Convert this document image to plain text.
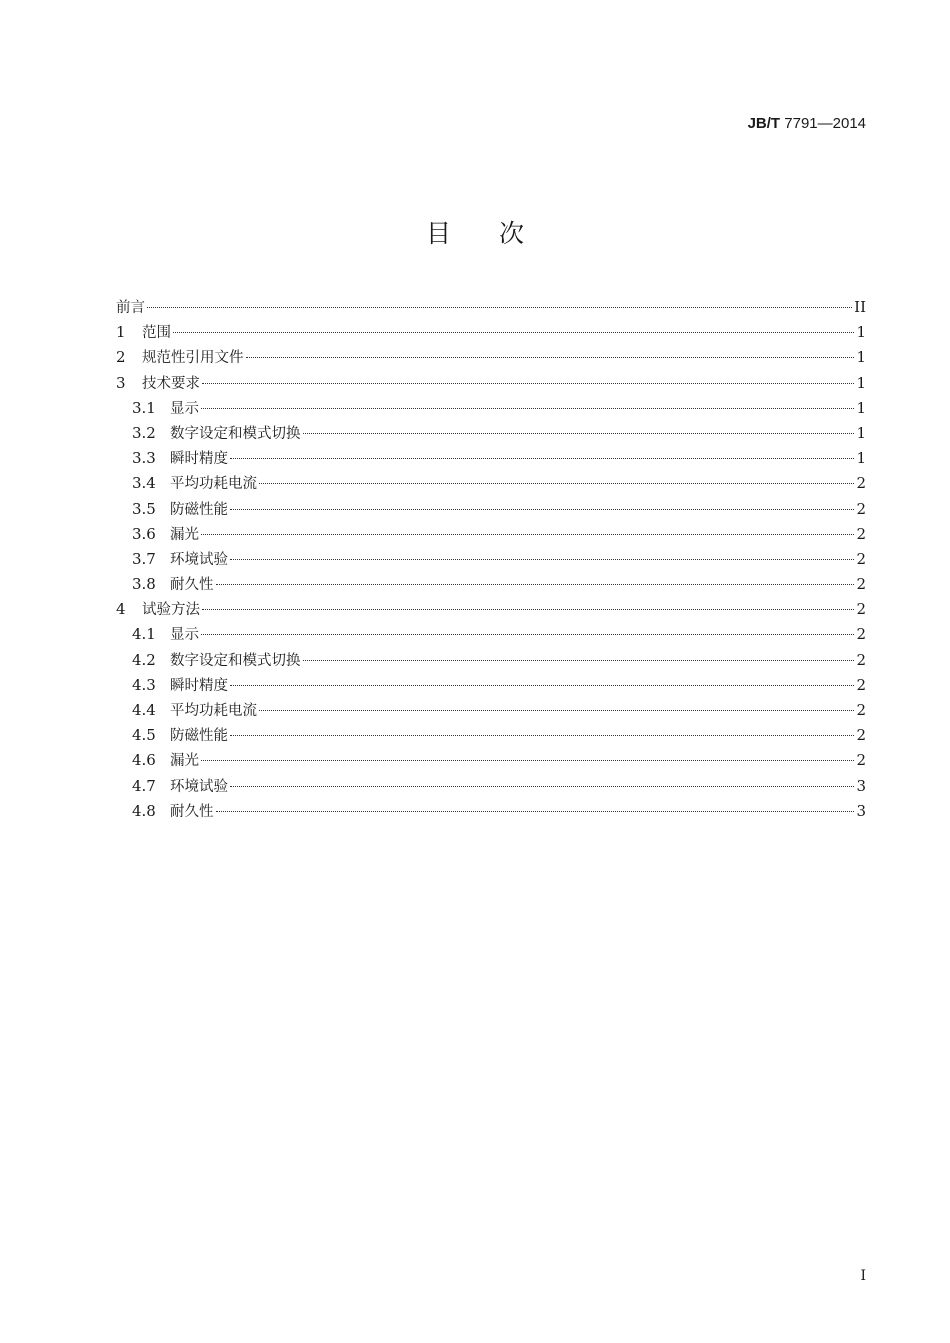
JB/T 7791—2014
目次
前言	II
1	范围	1
2	规范性引用文件	1
3	技术要求	1
3.1 显示	1
3.2 数字设定和模式切换	1
3.3 瞬时精度	1
3.4 平均功耗电流	2
3.5 防磁性能	2
3.6 漏光	2
3.7 环境试验	2
3.8 耐久性	2
4	试验方法	2
4.1 显示	2
4.2 数字设定和模式切换	2
4.3 瞬时精度	2
4.4 平均功耗电流	2
4.5 防磁性能	2
4.6 漏光	2
4.7 环境试验	3
4.8 耐久性	3
I
